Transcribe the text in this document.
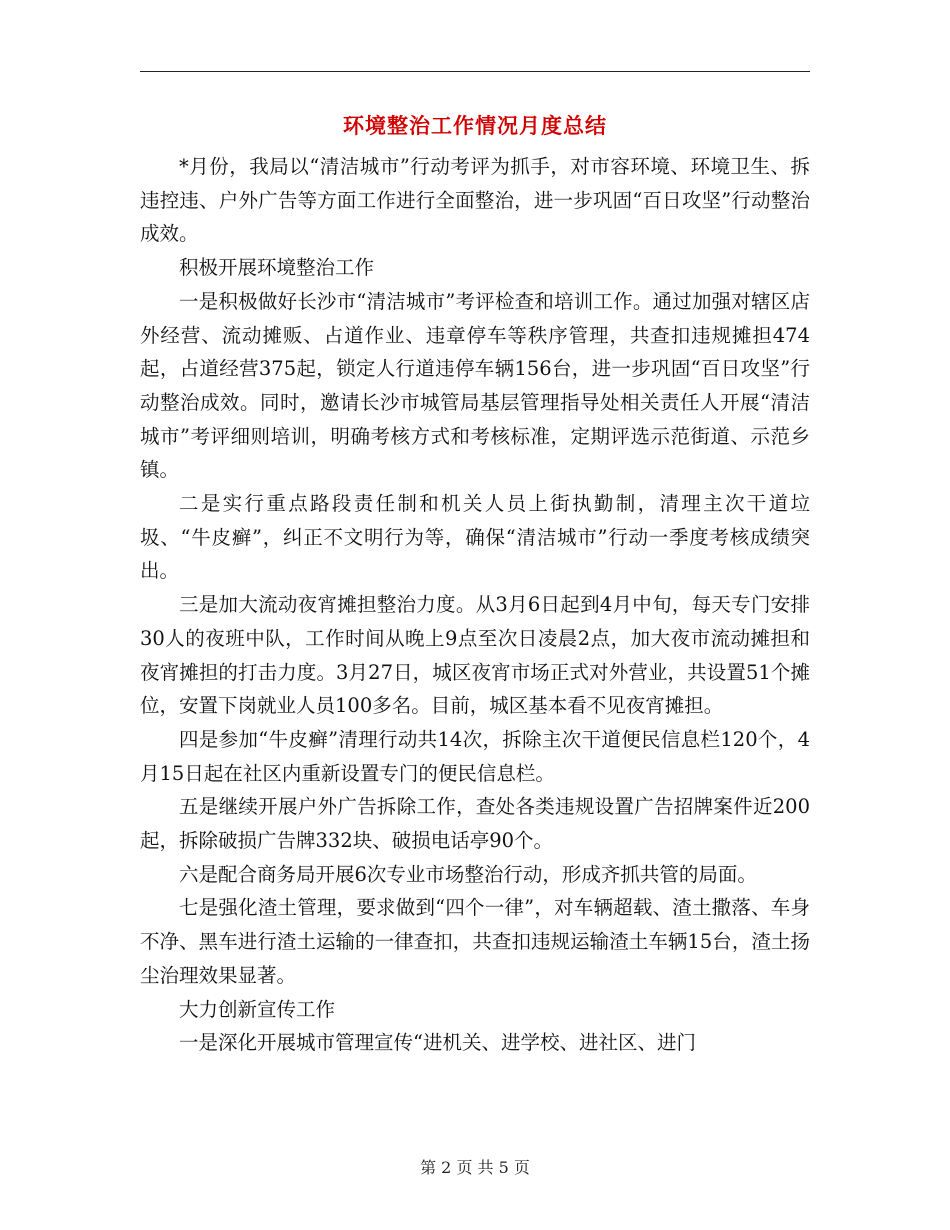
环境整治工作情况月度总结

*月份，我局以“清洁城市”行动考评为抓手，对市容环境、环境卫生、拆违控违、户外广告等方面工作进行全面整治，进一步巩固“百日攻坚”行动整治成效。

积极开展环境整治工作

一是积极做好长沙市“清洁城市”考评检查和培训工作。通过加强对辖区店外经营、流动摊贩、占道作业、违章停车等秩序管理，共查扣违规摊担474起，占道经营375起，锁定人行道违停车辆156台，进一步巩固“百日攻坚”行动整治成效。同时，邀请长沙市城管局基层管理指导处相关责任人开展“清洁城市”考评细则培训，明确考核方式和考核标准，定期评选示范街道、示范乡镇。

二是实行重点路段责任制和机关人员上街执勤制，清理主次干道垃圾、“牛皮癣”，纠正不文明行为等，确保“清洁城市”行动一季度考核成绩突出。

三是加大流动夜宵摊担整治力度。从3月6日起到4月中旬，每天专门安排30人的夜班中队，工作时间从晚上9点至次日凌晨2点，加大夜市流动摊担和夜宵摊担的打击力度。3月27日，城区夜宵市场正式对外营业，共设置51个摊位，安置下岗就业人员100多名。目前，城区基本看不见夜宵摊担。

四是参加“牛皮癣”清理行动共14次，拆除主次干道便民信息栏120个，4月15日起在社区内重新设置专门的便民信息栏。

五是继续开展户外广告拆除工作，查处各类违规设置广告招牌案件近200起，拆除破损广告牌332块、破损电话亭90个。

六是配合商务局开展6次专业市场整治行动，形成齐抓共管的局面。

七是强化渣土管理，要求做到“四个一律”，对车辆超载、渣土撒落、车身不净、黑车进行渣土运输的一律查扣，共查扣违规运输渣土车辆15台，渣土扬尘治理效果显著。

大力创新宣传工作

一是深化开展城市管理宣传“进机关、进学校、进社区、进门

第 2 页 共 5 页
